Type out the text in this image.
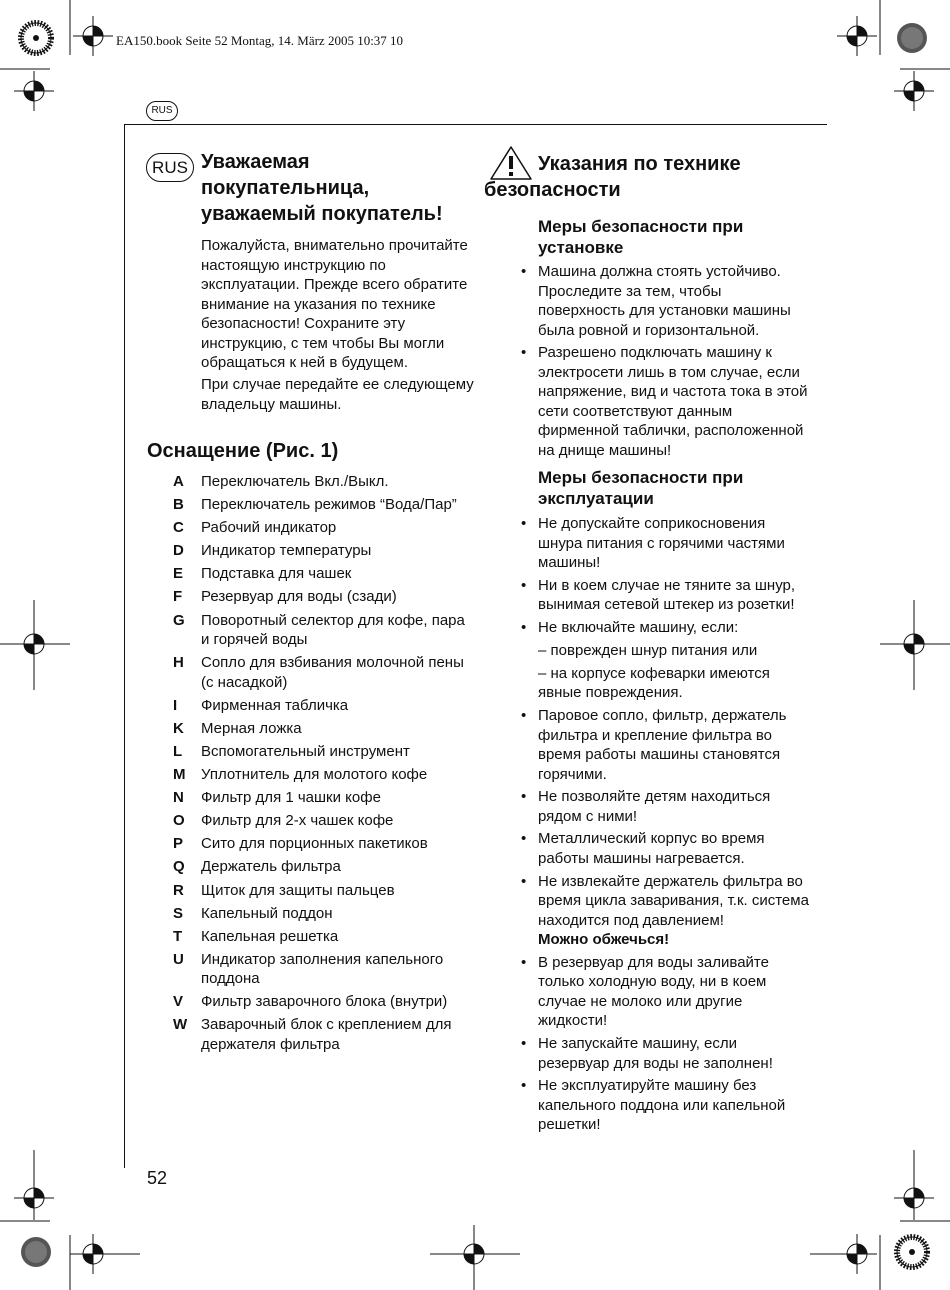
EA150.book Seite 52 Montag, 14. März 2005 10:37 10
RUS
RUS Уважаемая покупательница, уважаемый покупатель!
Пожалуйста, внимательно прочитайте настоящую инструкцию по эксплуатации. Прежде всего обратите внимание на указания по технике безопасности! Сохраните эту инструкцию, с тем чтобы Вы могли обращаться к ней в будущем.
При случае передайте ее следующему владельцу машины.
Оснащение (Рис. 1)
A Переключатель Вкл./Выкл.
B Переключатель режимов “Вода/Пар”
C Рабочий индикатор
D Индикатор температуры
E Подставка для чашек
F Резервуар для воды (сзади)
G Поворотный селектор для кофе, пара и горячей воды
H Сопло для взбивания молочной пены (с насадкой)
I Фирменная табличка
K Мерная ложка
L Вспомогательный инструмент
M Уплотнитель для молотого кофе
N Фильтр для 1 чашки кофе
O Фильтр для 2-х чашек кофе
P Сито для порционных пакетиков
Q Держатель фильтра
R Щиток для защиты пальцев
S Капельный поддон
T Капельная решетка
U Индикатор заполнения капельного поддона
V Фильтр заварочного блока (внутри)
W Заварочный блок с креплением для держателя фильтра
Указания по технике безопасности
Меры безопасности при установке
• Машина должна стоять устойчиво. Проследите за тем, чтобы поверхность для установки машины была ровной и горизонтальной.
• Разрешено подключать машину к электросети лишь в том случае, если напряжение, вид и частота тока в этой сети соответствуют данным фирменной таблички, расположенной на днище машины!
Меры безопасности при эксплуатации
• Не допускайте соприкосновения шнура питания с горячими частями машины!
• Ни в коем случае не тяните за шнур, вынимая сетевой штекер из розетки!
• Не включайте машину, если:
– поврежден шнур питания или
– на корпусе кофеварки имеются явные повреждения.
• Паровое сопло, фильтр, держатель фильтра и крепление фильтра во время работы машины становятся горячими.
• Не позволяйте детям находиться рядом с ними!
• Металлический корпус во время работы машины нагревается.
• Не извлекайте держатель фильтра во время цикла заваривания, т.к. система находится под давлением!
Можно обжечься!
• В резервуар для воды заливайте только холодную воду, ни в коем случае не молоко или другие жидкости!
• Не запускайте машину, если резервуар для воды не заполнен!
• Не эксплуатируйте машину без капельного поддона или капельной решетки!
52
